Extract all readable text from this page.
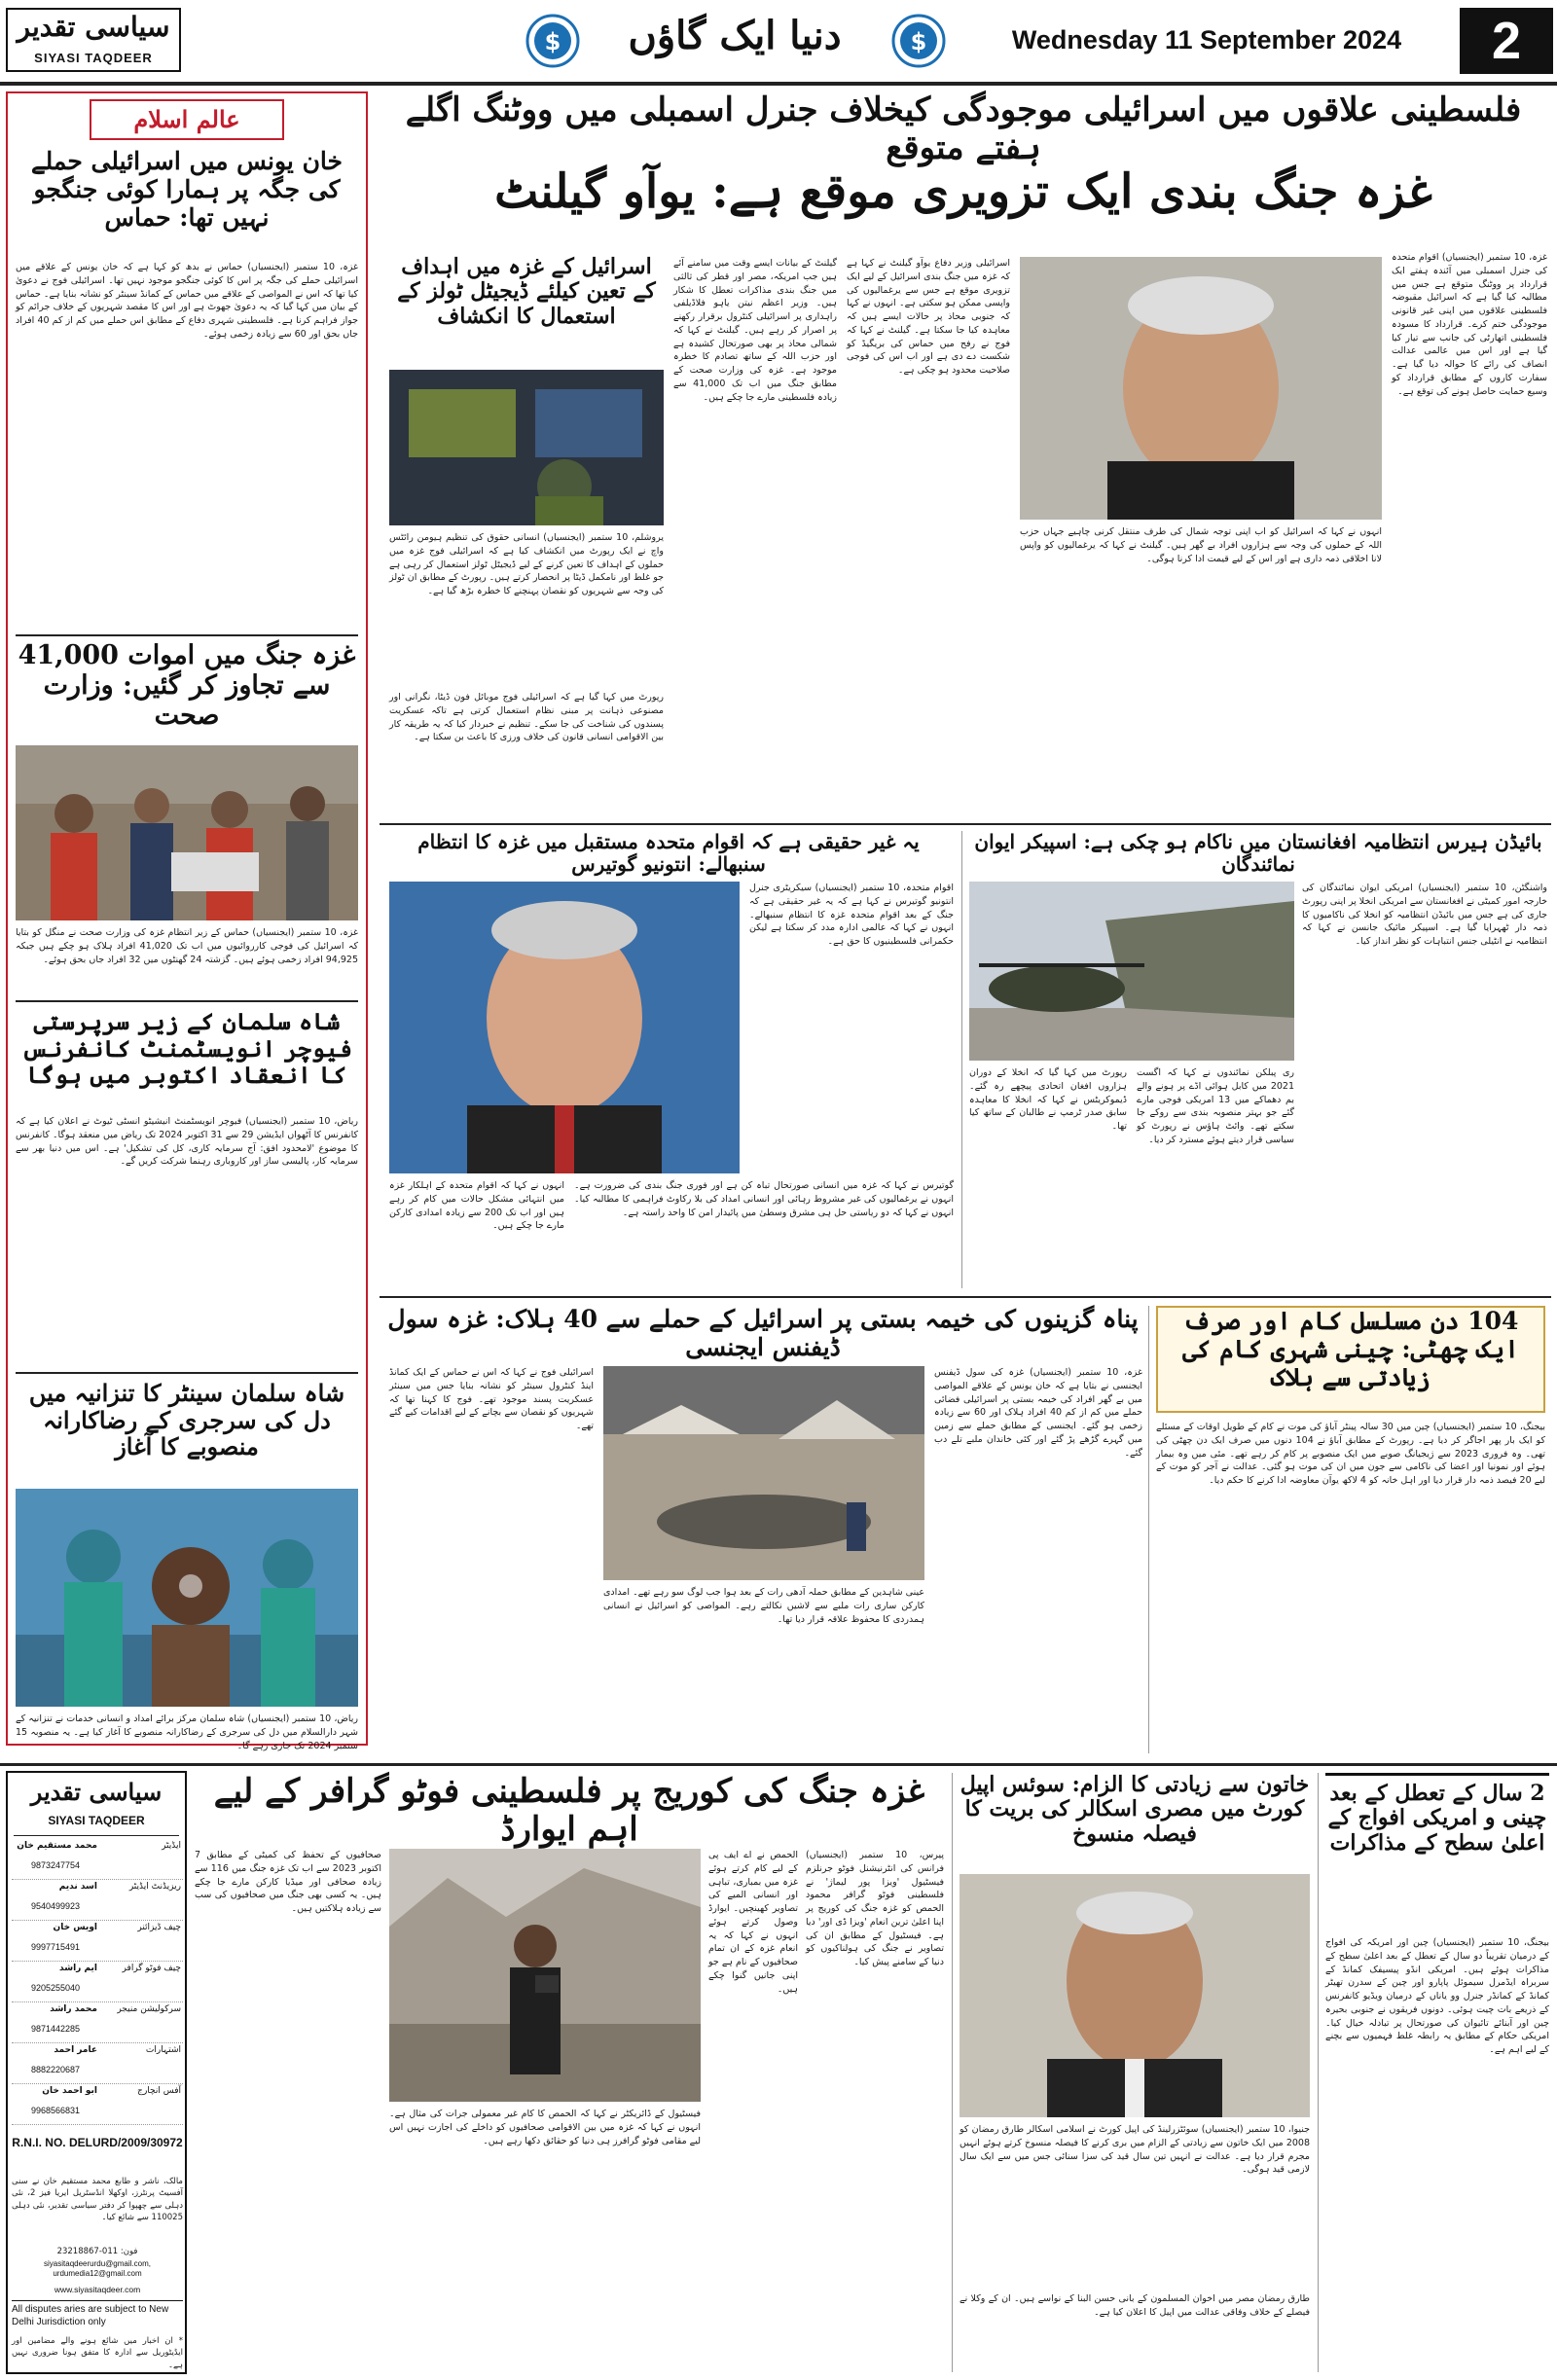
سیاسی تقدیر
SIYASI TAQDEER
$	دنیا ایک گاؤں	$	Wednesday 11 September 2024	2
عالم اسلام
خان یونس میں اسرائیلی حملے کی جگہ پر ہمارا کوئی جنگجو نہیں تھا: حماس
غزہ، 10 ستمبر (ایجنسیاں) حماس نے بدھ کو کہا ہے کہ خان یونس کے علاقے میں اسرائیلی حملے کی جگہ پر اس کا کوئی جنگجو موجود نہیں تھا۔ اسرائیلی فوج نے دعویٰ کیا تھا کہ اس نے المواصی کے علاقے میں حماس کے کمانڈ سینٹر کو نشانہ بنایا ہے۔ حماس کے بیان میں کہا گیا کہ یہ دعویٰ جھوٹ ہے اور اس کا مقصد شہریوں کے خلاف جرائم کو جواز فراہم کرنا ہے۔ فلسطینی شہری دفاع کے مطابق اس حملے میں کم از کم 40 افراد جاں بحق اور 60 سے زیادہ زخمی ہوئے۔
غزہ جنگ میں اموات 41,000 سے تجاوز کر گئیں: وزارت صحت
غزہ، 10 ستمبر (ایجنسیاں) حماس کے زیر انتظام غزہ کی وزارت صحت نے منگل کو بتایا کہ اسرائیل کی فوجی کارروائیوں میں اب تک 41,020 افراد ہلاک ہو چکے ہیں جبکہ 94,925 افراد زخمی ہوئے ہیں۔ گزشتہ 24 گھنٹوں میں 32 افراد جاں بحق ہوئے۔
شاہ سلمان کے زیر سرپرستی فیوچر انویسٹمنٹ کانفرنس کا انعقاد اکتوبر میں ہوگا
ریاض، 10 ستمبر (ایجنسیاں) فیوچر انویسٹمنٹ انیشیٹو انسٹی ٹیوٹ نے اعلان کیا ہے کہ کانفرنس کا آٹھواں ایڈیشن 29 سے 31 اکتوبر 2024 تک ریاض میں منعقد ہوگا۔ کانفرنس کا موضوع 'لامحدود افق: آج سرمایہ کاری، کل کی تشکیل' ہے۔ اس میں دنیا بھر سے سرمایہ کار، پالیسی ساز اور کاروباری رہنما شرکت کریں گے۔
شاہ سلمان سینٹر کا تنزانیہ میں دل کی سرجری کے رضاکارانہ منصوبے کا آغاز
ریاض، 10 ستمبر (ایجنسیاں) شاہ سلمان مرکز برائے امداد و انسانی خدمات نے تنزانیہ کے شہر دارالسلام میں دل کی سرجری کے رضاکارانہ منصوبے کا آغاز کیا ہے۔ یہ منصوبہ 15 ستمبر 2024 تک جاری رہے گا۔
فلسطینی علاقوں میں اسرائیلی موجودگی کیخلاف جنرل اسمبلی میں ووٹنگ اگلے ہفتے متوقع
غزہ جنگ بندی ایک تزویری موقع ہے: یوآو گیلنٹ
غزہ، 10 ستمبر (ایجنسیاں) اقوام متحدہ کی جنرل اسمبلی میں آئندہ ہفتے ایک قرارداد پر ووٹنگ متوقع ہے جس میں مطالبہ کیا گیا ہے کہ اسرائیل مقبوضہ فلسطینی علاقوں میں اپنی غیر قانونی موجودگی ختم کرے۔ قرارداد کا مسودہ فلسطینی اتھارٹی کی جانب سے تیار کیا گیا ہے اور اس میں عالمی عدالت انصاف کی رائے کا حوالہ دیا گیا ہے۔ سفارت کاروں کے مطابق قرارداد کو وسیع حمایت حاصل ہونے کی توقع ہے۔
انہوں نے کہا کہ اسرائیل کو اب اپنی توجہ شمال کی طرف منتقل کرنی چاہیے جہاں حزب اللہ کے حملوں کی وجہ سے ہزاروں افراد بے گھر ہیں۔ گیلنٹ نے کہا کہ یرغمالیوں کو واپس لانا اخلاقی ذمہ داری ہے اور اس کے لیے قیمت ادا کرنا ہوگی۔
اسرائیلی وزیر دفاع یوآو گیلنٹ نے کہا ہے کہ غزہ میں جنگ بندی اسرائیل کے لیے ایک تزویری موقع ہے جس سے یرغمالیوں کی واپسی ممکن ہو سکتی ہے۔ انہوں نے کہا کہ جنوبی محاذ پر حالات ایسے ہیں کہ معاہدہ کیا جا سکتا ہے۔ گیلنٹ نے کہا کہ فوج نے رفح میں حماس کی بریگیڈ کو شکست دے دی ہے اور اب اس کی فوجی صلاحیت محدود ہو چکی ہے۔
گیلنٹ کے بیانات ایسے وقت میں سامنے آئے ہیں جب امریکہ، مصر اور قطر کی ثالثی میں جنگ بندی مذاکرات تعطل کا شکار ہیں۔ وزیر اعظم نیتن یاہو فلاڈیلفی راہداری پر اسرائیلی کنٹرول برقرار رکھنے پر اصرار کر رہے ہیں۔ گیلنٹ نے کہا کہ شمالی محاذ پر بھی صورتحال کشیدہ ہے اور حزب اللہ کے ساتھ تصادم کا خطرہ موجود ہے۔ غزہ کی وزارت صحت کے مطابق جنگ میں اب تک 41,000 سے زیادہ فلسطینی مارے جا چکے ہیں۔
اسرائیل کے غزہ میں اہداف کے تعین کیلئے ڈیجیٹل ٹولز کے استعمال کا انکشاف
یروشلم، 10 ستمبر (ایجنسیاں) انسانی حقوق کی تنظیم ہیومن رائٹس واچ نے ایک رپورٹ میں انکشاف کیا ہے کہ اسرائیلی فوج غزہ میں حملوں کے اہداف کا تعین کرنے کے لیے ڈیجیٹل ٹولز استعمال کر رہی ہے جو غلط اور نامکمل ڈیٹا پر انحصار کرتے ہیں۔ رپورٹ کے مطابق ان ٹولز کی وجہ سے شہریوں کو نقصان پہنچنے کا خطرہ بڑھ گیا ہے۔
رپورٹ میں کہا گیا ہے کہ اسرائیلی فوج موبائل فون ڈیٹا، نگرانی اور مصنوعی ذہانت پر مبنی نظام استعمال کرتی ہے تاکہ عسکریت پسندوں کی شناخت کی جا سکے۔ تنظیم نے خبردار کیا کہ یہ طریقہ کار بین الاقوامی انسانی قانون کی خلاف ورزی کا باعث بن سکتا ہے۔
بائیڈن ہیرس انتظامیہ افغانستان میں ناکام ہو چکی ہے: اسپیکر ایوان نمائندگان
واشنگٹن، 10 ستمبر (ایجنسیاں) امریکی ایوان نمائندگان کی خارجہ امور کمیٹی نے افغانستان سے امریکی انخلا پر اپنی رپورٹ جاری کی ہے جس میں بائیڈن انتظامیہ کو انخلا کی ناکامیوں کا ذمہ دار ٹھہرایا گیا ہے۔ اسپیکر مائیک جانسن نے کہا کہ انتظامیہ نے انٹیلی جنس انتباہات کو نظر انداز کیا۔
ری پبلکن نمائندوں نے کہا کہ اگست 2021 میں کابل ہوائی اڈے پر ہونے والے بم دھماکے میں 13 امریکی فوجی مارے گئے جو بہتر منصوبہ بندی سے روکے جا سکتے تھے۔ وائٹ ہاؤس نے رپورٹ کو سیاسی قرار دیتے ہوئے مسترد کر دیا۔
رپورٹ میں کہا گیا کہ انخلا کے دوران ہزاروں افغان اتحادی پیچھے رہ گئے۔ ڈیموکریٹس نے کہا کہ انخلا کا معاہدہ سابق صدر ٹرمپ نے طالبان کے ساتھ کیا تھا۔
یہ غیر حقیقی ہے کہ اقوام متحدہ مستقبل میں غزہ کا انتظام سنبھالے: انتونیو گوتیرس
اقوام متحدہ، 10 ستمبر (ایجنسیاں) سیکریٹری جنرل انتونیو گوتیرس نے کہا ہے کہ یہ غیر حقیقی ہے کہ جنگ کے بعد اقوام متحدہ غزہ کا انتظام سنبھالے۔ انہوں نے کہا کہ عالمی ادارہ مدد کر سکتا ہے لیکن حکمرانی فلسطینیوں کا حق ہے۔
گوتیرس نے کہا کہ غزہ میں انسانی صورتحال تباہ کن ہے اور فوری جنگ بندی کی ضرورت ہے۔ انہوں نے یرغمالیوں کی غیر مشروط رہائی اور انسانی امداد کی بلا رکاوٹ فراہمی کا مطالبہ کیا۔ انہوں نے کہا کہ دو ریاستی حل ہی مشرق وسطیٰ میں پائیدار امن کا واحد راستہ ہے۔
انہوں نے کہا کہ اقوام متحدہ کے اہلکار غزہ میں انتہائی مشکل حالات میں کام کر رہے ہیں اور اب تک 200 سے زیادہ امدادی کارکن مارے جا چکے ہیں۔
104 دن مسلسل کام اور صرف ایک چھٹی: چینی شہری کام کی زیادتی سے ہلاک
بیجنگ، 10 ستمبر (ایجنسیاں) چین میں 30 سالہ پینٹر آباؤ کی موت نے کام کے طویل اوقات کے مسئلے کو ایک بار پھر اجاگر کر دیا ہے۔ رپورٹ کے مطابق آباؤ نے 104 دنوں میں صرف ایک دن چھٹی کی تھی۔ وہ فروری 2023 سے ژیجیانگ صوبے میں ایک منصوبے پر کام کر رہے تھے۔ مئی میں وہ بیمار ہوئے اور نمونیا اور اعضا کی ناکامی سے جون میں ان کی موت ہو گئی۔ عدالت نے آجر کو موت کے لیے 20 فیصد ذمہ دار قرار دیا اور اہل خانہ کو 4 لاکھ یوآن معاوضہ ادا کرنے کا حکم دیا۔
پناہ گزینوں کی خیمہ بستی پر اسرائیل کے حملے سے 40 ہلاک: غزہ سول ڈیفنس ایجنسی
غزہ، 10 ستمبر (ایجنسیاں) غزہ کی سول ڈیفنس ایجنسی نے بتایا ہے کہ خان یونس کے علاقے المواصی میں بے گھر افراد کی خیمہ بستی پر اسرائیلی فضائی حملے میں کم از کم 40 افراد ہلاک اور 60 سے زیادہ زخمی ہو گئے۔ ایجنسی کے مطابق حملے سے زمین میں گہرے گڑھے پڑ گئے اور کئی خاندان ملبے تلے دب گئے۔
اسرائیلی فوج نے کہا کہ اس نے حماس کے ایک کمانڈ اینڈ کنٹرول سینٹر کو نشانہ بنایا جس میں سینئر عسکریت پسند موجود تھے۔ فوج کا کہنا تھا کہ شہریوں کو نقصان سے بچانے کے لیے اقدامات کیے گئے تھے۔
عینی شاہدین کے مطابق حملہ آدھی رات کے بعد ہوا جب لوگ سو رہے تھے۔ امدادی کارکن ساری رات ملبے سے لاشیں نکالتے رہے۔ المواصی کو اسرائیل نے انسانی ہمدردی کا محفوظ علاقہ قرار دیا تھا۔
سیاسی تقدیر
SIYASI TAQDEER
ایڈیٹر
محمد مستقیم خان
9873247754
ریزیڈنٹ ایڈیٹر
اسد ندیم
9540499923
چیف ڈیزائنر
اویس خان
9997715491
چیف فوٹو گرافر
ایم راشد
9205255040
سرکولیشن منیجر
محمد راشد
9871442285
اشتہارات
عامر احمد
8882220687
آفس انچارج
ابو احمد خان
9968566831
R.N.I. NO. DELURD/2009/30972
مالک، ناشر و طابع محمد مستقیم خان نے سنی آفسیٹ پرنٹرز، اوکھلا انڈسٹریل ایریا فیز 2، نئی دہلی سے چھپوا کر دفتر سیاسی تقدیر، نئی دہلی 110025 سے شائع کیا۔
فون: 011-23218867
siyasitaqdeerurdu@gmail.com, urdumedia12@gmail.com
www.siyasitaqdeer.com
All disputes aries are subject to New Delhi Jurisdiction only
* ان اخبار میں شائع ہونے والے مضامین اور ایڈیٹوریل سے ادارہ کا متفق ہونا ضروری نہیں ہے۔
غزہ جنگ کی کوریج پر فلسطینی فوٹو گرافر کے لیے اہم ایوارڈ
پیرس، 10 ستمبر (ایجنسیاں) فرانس کی انٹرنیشنل فوٹو جرنلزم فیسٹیول 'ویزا پور لیماژ' نے فلسطینی فوٹو گرافر محمود الحمص کو غزہ جنگ کی کوریج پر اپنا اعلیٰ ترین انعام 'ویزا ڈی اور' دیا ہے۔ فیسٹیول کے مطابق ان کی تصاویر نے جنگ کی ہولناکیوں کو دنیا کے سامنے پیش کیا۔
الحمص نے اے ایف پی کے لیے کام کرتے ہوئے غزہ میں بمباری، تباہی اور انسانی المیے کی تصاویر کھینچیں۔ ایوارڈ وصول کرتے ہوئے انہوں نے کہا کہ یہ انعام غزہ کے ان تمام صحافیوں کے نام ہے جو اپنی جانیں گنوا چکے ہیں۔
صحافیوں کے تحفظ کی کمیٹی کے مطابق 7 اکتوبر 2023 سے اب تک غزہ جنگ میں 116 سے زیادہ صحافی اور میڈیا کارکن مارے جا چکے ہیں۔ یہ کسی بھی جنگ میں صحافیوں کی سب سے زیادہ ہلاکتیں ہیں۔
فیسٹیول کے ڈائریکٹر نے کہا کہ الحمص کا کام غیر معمولی جرات کی مثال ہے۔ انہوں نے کہا کہ غزہ میں بین الاقوامی صحافیوں کو داخلے کی اجازت نہیں اس لیے مقامی فوٹو گرافرز ہی دنیا کو حقائق دکھا رہے ہیں۔
خاتون سے زیادتی کا الزام: سوئس اپیل کورٹ میں مصری اسکالر کی بریت کا فیصلہ منسوخ
جنیوا، 10 ستمبر (ایجنسیاں) سوئٹزرلینڈ کی اپیل کورٹ نے اسلامی اسکالر طارق رمضان کو 2008 میں ایک خاتون سے زیادتی کے الزام میں بری کرنے کا فیصلہ منسوخ کرتے ہوئے انہیں مجرم قرار دیا ہے۔ عدالت نے انہیں تین سال قید کی سزا سنائی جس میں سے ایک سال لازمی قید ہوگی۔
طارق رمضان مصر میں اخوان المسلمون کے بانی حسن البنا کے نواسے ہیں۔ ان کے وکلا نے فیصلے کے خلاف وفاقی عدالت میں اپیل کا اعلان کیا ہے۔
2 سال کے تعطل کے بعد چینی و امریکی افواج کے اعلیٰ سطح کے مذاکرات
بیجنگ، 10 ستمبر (ایجنسیاں) چین اور امریکہ کی افواج کے درمیان تقریباً دو سال کے تعطل کے بعد اعلیٰ سطح کے مذاکرات ہوئے ہیں۔ امریکی انڈو پیسیفک کمانڈ کے سربراہ ایڈمرل سیموئل پاپارو اور چین کے سدرن تھیٹر کمانڈ کے کمانڈر جنرل وو یاناں کے درمیان ویڈیو کانفرنس کے ذریعے بات چیت ہوئی۔ دونوں فریقوں نے جنوبی بحیرہ چین اور آبنائے تائیوان کی صورتحال پر تبادلہ خیال کیا۔ امریکی حکام کے مطابق یہ رابطہ غلط فہمیوں سے بچنے کے لیے اہم ہے۔
